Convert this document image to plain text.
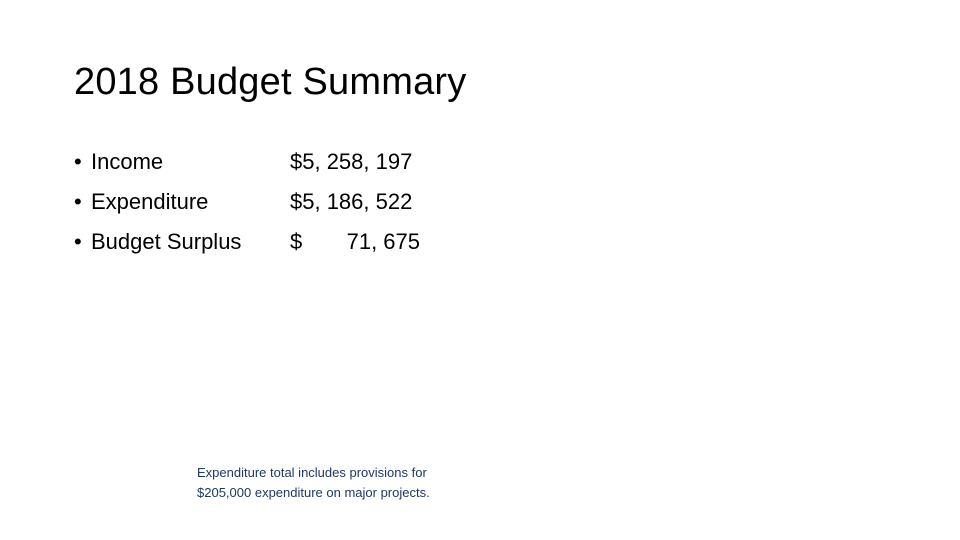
2018 Budget Summary
• Income	$5, 258, 197
• Expenditure	$5, 186, 522
• Budget Surplus $ 71, 675
Expenditure total includes provisions for
$205,000 expenditure on major projects.
